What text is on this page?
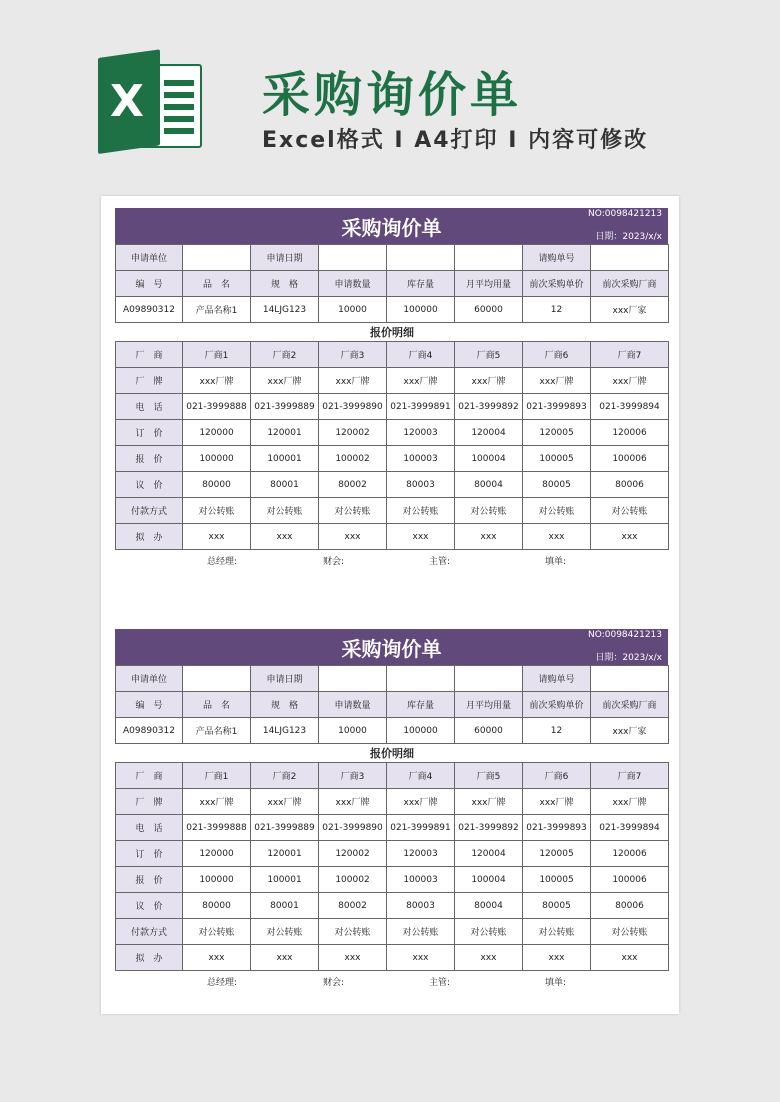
X 采购询价单
Excel格式 I A4打印 I 内容可修改
采购询价单
NO:0098421213
日期：2023/x/x
申请单位		申请日期				请购单号	
编　号	品　名	规　格	申请数量	库存量	月平均用量	前次采购单价	前次采购厂商
A09890312	产品名称1	14LJG123	10000	100000	60000	12	xxx厂家
报价明细							
厂　商	厂商1	厂商2	厂商3	厂商4	厂商5	厂商6	厂商7
厂　牌	xxx厂牌	xxx厂牌	xxx厂牌	xxx厂牌	xxx厂牌	xxx厂牌	xxx厂牌
电　话	021-3999888	021-3999889	021-3999890	021-3999891	021-3999892	021-3999893	021-3999894
订　价	120000	120001	120002	120003	120004	120005	120006
报　价	100000	100001	100002	100003	100004	100005	100006
议　价	80000	80001	80002	80003	80004	80005	80006
付款方式	对公转账	对公转账	对公转账	对公转账	对公转账	对公转账	对公转账
拟　办	xxx	xxx	xxx	xxx	xxx	xxx	xxx
总经理:	财会:	主管:	填单:
采购询价单
NO:0098421213
日期：2023/x/x
申请单位		申请日期				请购单号	
编　号	品　名	规　格	申请数量	库存量	月平均用量	前次采购单价	前次采购厂商
A09890312	产品名称1	14LJG123	10000	100000	60000	12	xxx厂家
报价明细							
厂　商	厂商1	厂商2	厂商3	厂商4	厂商5	厂商6	厂商7
厂　牌	xxx厂牌	xxx厂牌	xxx厂牌	xxx厂牌	xxx厂牌	xxx厂牌	xxx厂牌
电　话	021-3999888	021-3999889	021-3999890	021-3999891	021-3999892	021-3999893	021-3999894
订　价	120000	120001	120002	120003	120004	120005	120006
报　价	100000	100001	100002	100003	100004	100005	100006
议　价	80000	80001	80002	80003	80004	80005	80006
付款方式	对公转账	对公转账	对公转账	对公转账	对公转账	对公转账	对公转账
拟　办	xxx	xxx	xxx	xxx	xxx	xxx	xxx
总经理:	财会:	主管:	填单:
